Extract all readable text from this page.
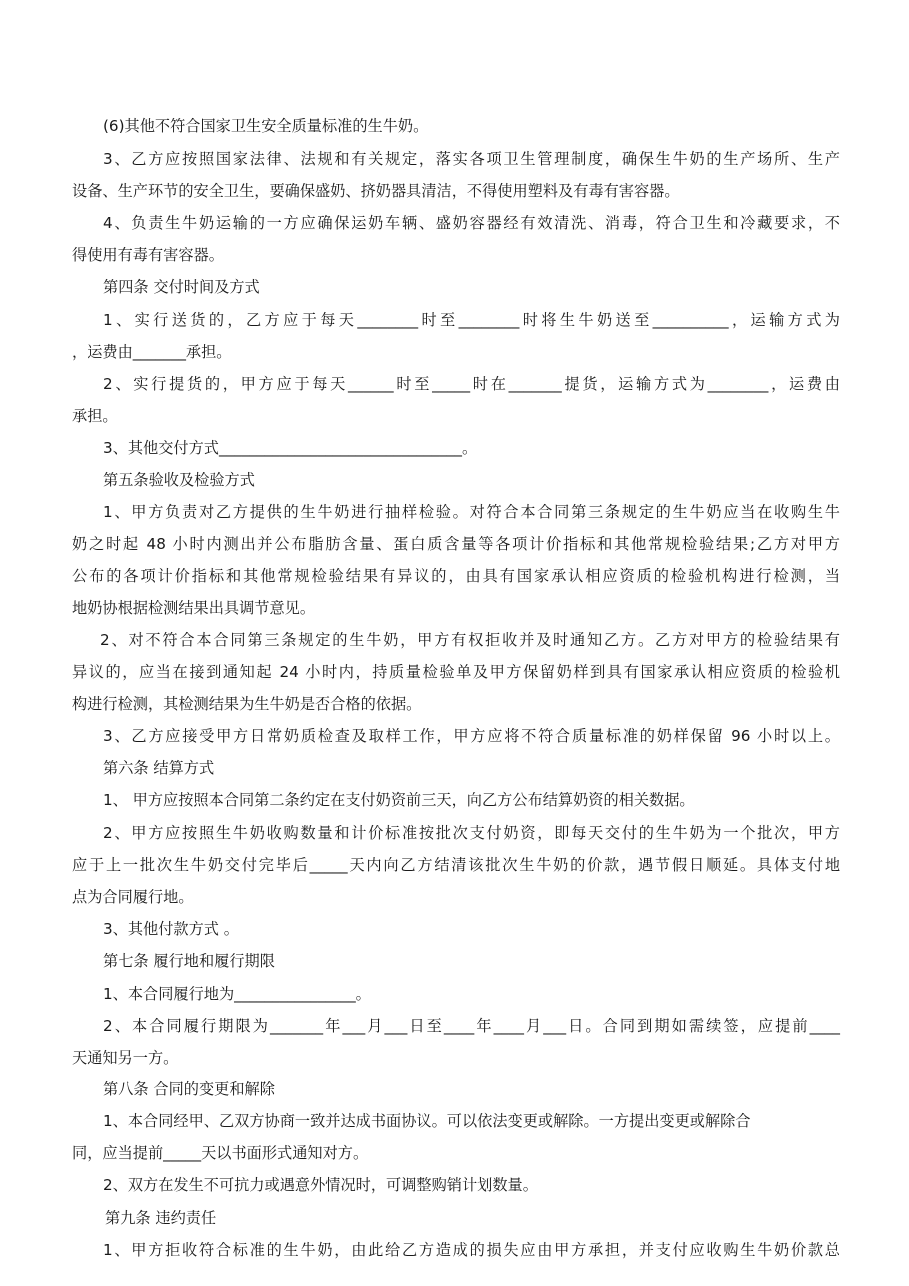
(6)其他不符合国家卫生安全质量标准的生牛奶。
3、乙方应按照国家法律、法规和有关规定，落实各项卫生管理制度，确保生牛奶的生产场所、生产
设备、生产环节的安全卫生，要确保盛奶、挤奶器具清洁，不得使用塑料及有毒有害容器。
4、负责生牛奶运输的一方应确保运奶车辆、盛奶容器经有效清洗、消毒，符合卫生和冷藏要求，不
得使用有毒有害容器。
第四条 交付时间及方式
1、实行送货的，乙方应于每天________时至________时将生牛奶送至__________，运输方式为
，运费由_______承担。
2、实行提货的，甲方应于每天______时至_____时在_______提货，运输方式为________，运费由
承担。
3、其他交付方式________________________________。
第五条验收及检验方式
1、甲方负责对乙方提供的生牛奶进行抽样检验。对符合本合同第三条规定的生牛奶应当在收购生牛
奶之时起 48 小时内测出并公布脂肪含量、蛋白质含量等各项计价指标和其他常规检验结果;乙方对甲方
公布的各项计价指标和其他常规检验结果有异议的，由具有国家承认相应资质的检验机构进行检测，当
地奶协根据检测结果出具调节意见。
2、对不符合本合同第三条规定的生牛奶，甲方有权拒收并及时通知乙方。乙方对甲方的检验结果有
异议的，应当在接到通知起 24 小时内，持质量检验单及甲方保留奶样到具有国家承认相应资质的检验机
构进行检测，其检测结果为生牛奶是否合格的依据。
3、乙方应接受甲方日常奶质检查及取样工作，甲方应将不符合质量标准的奶样保留 96 小时以上。
第六条 结算方式
1、 甲方应按照本合同第二条约定在支付奶资前三天，向乙方公布结算奶资的相关数据。
2、甲方应按照生牛奶收购数量和计价标准按批次支付奶资，即每天交付的生牛奶为一个批次，甲方
应于上一批次生牛奶交付完毕后_____天内向乙方结清该批次生牛奶的价款，遇节假日顺延。具体支付地
点为合同履行地。
3、其他付款方式 。
第七条 履行地和履行期限
1、本合同履行地为________________。
2、本合同履行期限为_______年___月___日至____年____月___日。合同到期如需续签，应提前____
天通知另一方。
第八条 合同的变更和解除
1、本合同经甲、乙双方协商一致并达成书面协议。可以依法变更或解除。一方提出变更或解除合
同，应当提前_____天以书面形式通知对方。
2、双方在发生不可抗力或遇意外情况时，可调整购销计划数量。
第九条 违约责任
1、甲方拒收符合标准的生牛奶，由此给乙方造成的损失应由甲方承担，并支付应收购生牛奶价款总
